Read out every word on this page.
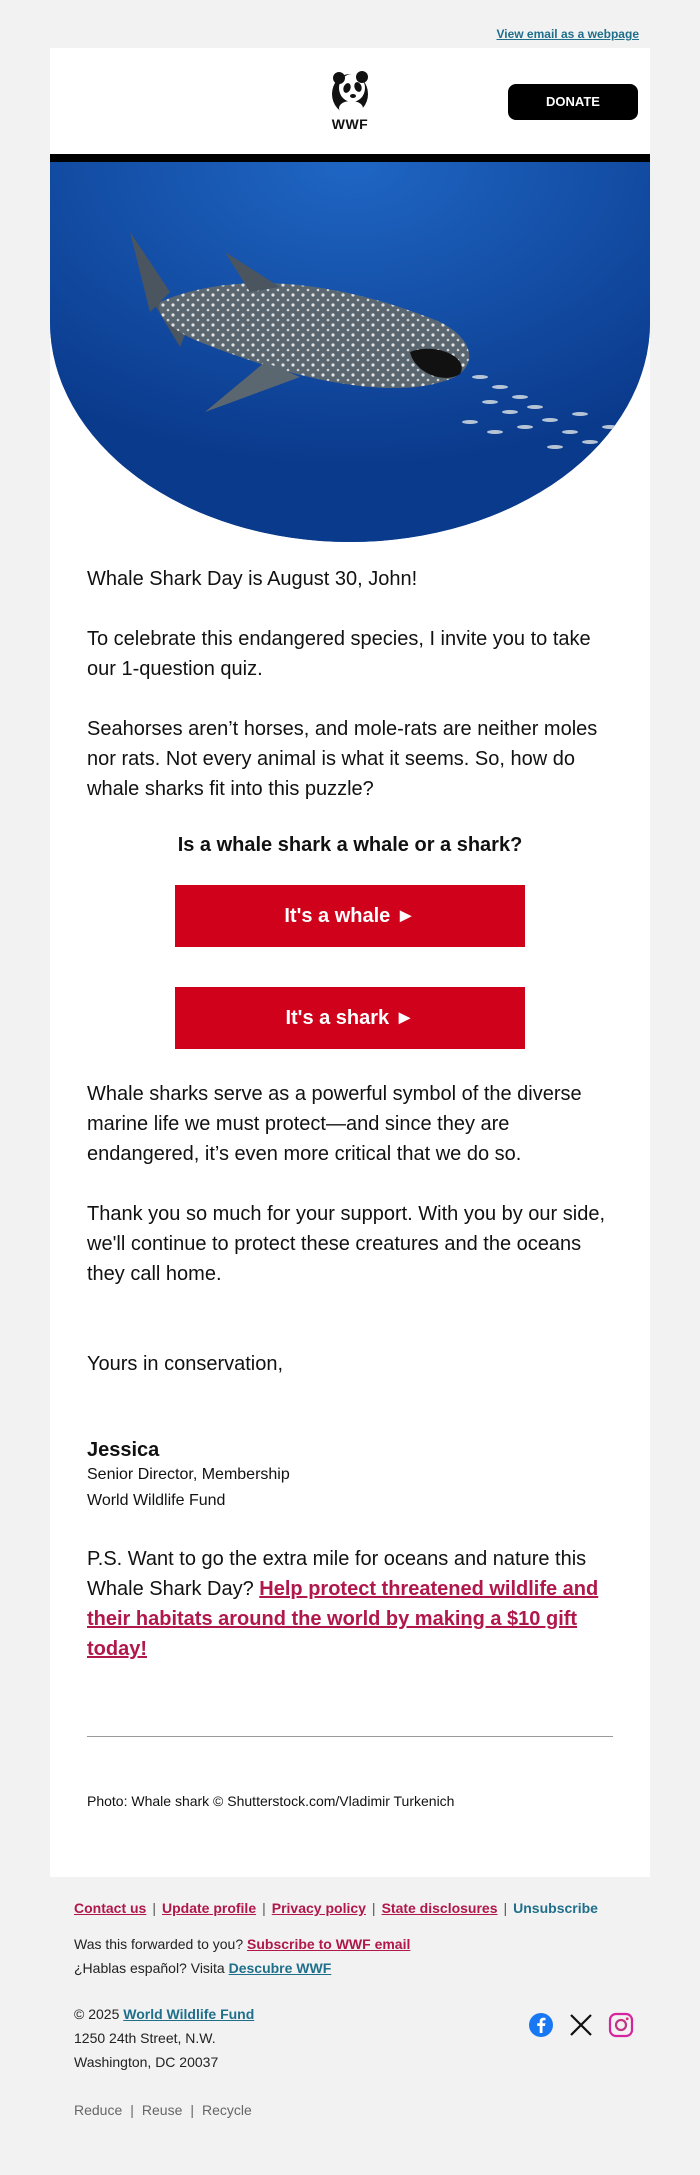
View email as a webpage
WWF
DONATE

Whale Shark Day is August 30, John!

To celebrate this endangered species, I invite you to take our 1-question quiz.

Seahorses aren’t horses, and mole-rats are neither moles nor rats. Not every animal is what it seems. So, how do whale sharks fit into this puzzle?

Is a whale shark a whale or a shark?

It's a whale ►
It's a shark ►

Whale sharks serve as a powerful symbol of the diverse marine life we must protect—and since they are endangered, it’s even more critical that we do so.

Thank you so much for your support. With you by our side, we'll continue to protect these creatures and the oceans they call home.

Yours in conservation,

Jessica
Senior Director, Membership
World Wildlife Fund

P.S. Want to go the extra mile for oceans and nature this Whale Shark Day? Help protect threatened wildlife and their habitats around the world by making a $10 gift today!

Photo: Whale shark © Shutterstock.com/Vladimir Turkenich
Contact us | Update profile | Privacy policy | State disclosures | Unsubscribe
Was this forwarded to you? Subscribe to WWF email
¿Hablas español? Visita Descubre WWF
© 2025 World Wildlife Fund
1250 24th Street, N.W.
Washington, DC 20037
Reduce | Reuse | Recycle
